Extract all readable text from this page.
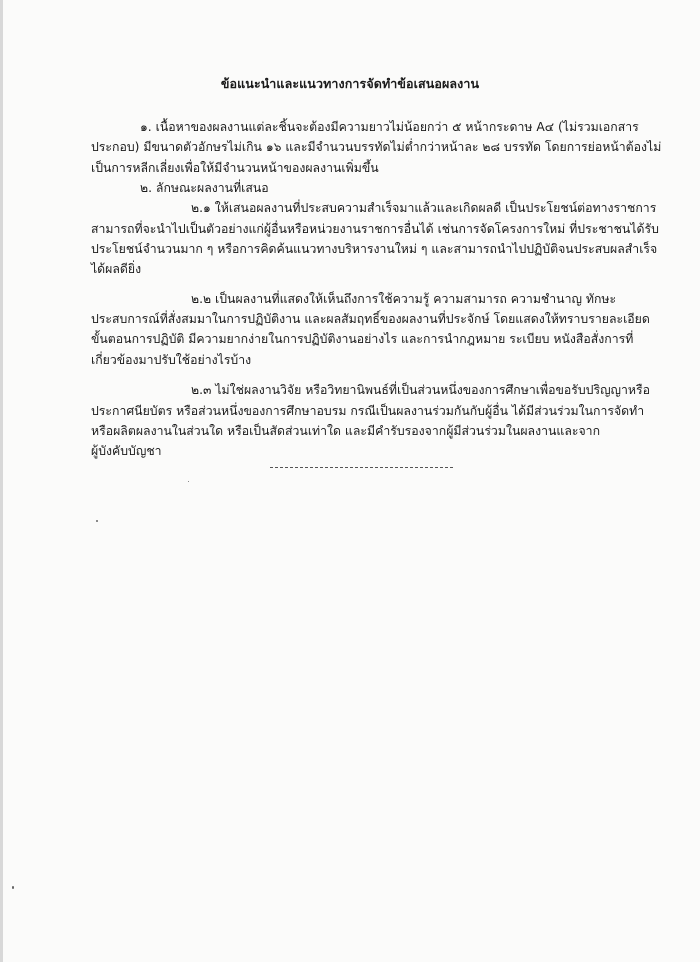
ข้อแนะนำและแนวทางการจัดทำข้อเสนอผลงาน
๑. เนื้อหาของผลงานแต่ละชิ้นจะต้องมีความยาวไม่น้อยกว่า ๕ หน้ากระดาษ A๔ (ไม่รวมเอกสาร
ประกอบ) มีขนาดตัวอักษรไม่เกิน ๑๖ และมีจำนวนบรรทัดไม่ต่ำกว่าหน้าละ ๒๘ บรรทัด โดยการย่อหน้าต้องไม่
เป็นการหลีกเลี่ยงเพื่อให้มีจำนวนหน้าของผลงานเพิ่มขึ้น
๒. ลักษณะผลงานที่เสนอ
๒.๑ ให้เสนอผลงานที่ประสบความสำเร็จมาแล้วและเกิดผลดี เป็นประโยชน์ต่อทางราชการ
สามารถที่จะนำไปเป็นตัวอย่างแก่ผู้อื่นหรือหน่วยงานราชการอื่นได้ เช่นการจัดโครงการใหม่ ที่ประชาชนได้รับ
ประโยชน์จำนวนมาก ๆ หรือการคิดค้นแนวทางบริหารงานใหม่ ๆ และสามารถนำไปปฏิบัติจนประสบผลสำเร็จ
ได้ผลดียิ่ง
๒.๒ เป็นผลงานที่แสดงให้เห็นถึงการใช้ความรู้ ความสามารถ ความชำนาญ ทักษะ
ประสบการณ์ที่สั่งสมมาในการปฏิบัติงาน และผลสัมฤทธิ์ของผลงานที่ประจักษ์ โดยแสดงให้ทราบรายละเอียด
ขั้นตอนการปฏิบัติ มีความยากง่ายในการปฏิบัติงานอย่างไร และการนำกฎหมาย ระเบียบ หนังสือสั่งการที่
เกี่ยวข้องมาปรับใช้อย่างไรบ้าง
๒.๓ ไม่ใช่ผลงานวิจัย หรือวิทยานิพนธ์ที่เป็นส่วนหนึ่งของการศึกษาเพื่อขอรับปริญญาหรือ
ประกาศนียบัตร หรือส่วนหนึ่งของการศึกษาอบรม กรณีเป็นผลงานร่วมกันกับผู้อื่น ได้มีส่วนร่วมในการจัดทำ
หรือผลิตผลงานในส่วนใด หรือเป็นสัดส่วนเท่าใด และมีคำรับรองจากผู้มีส่วนร่วมในผลงานและจาก
ผู้บังคับบัญชา
